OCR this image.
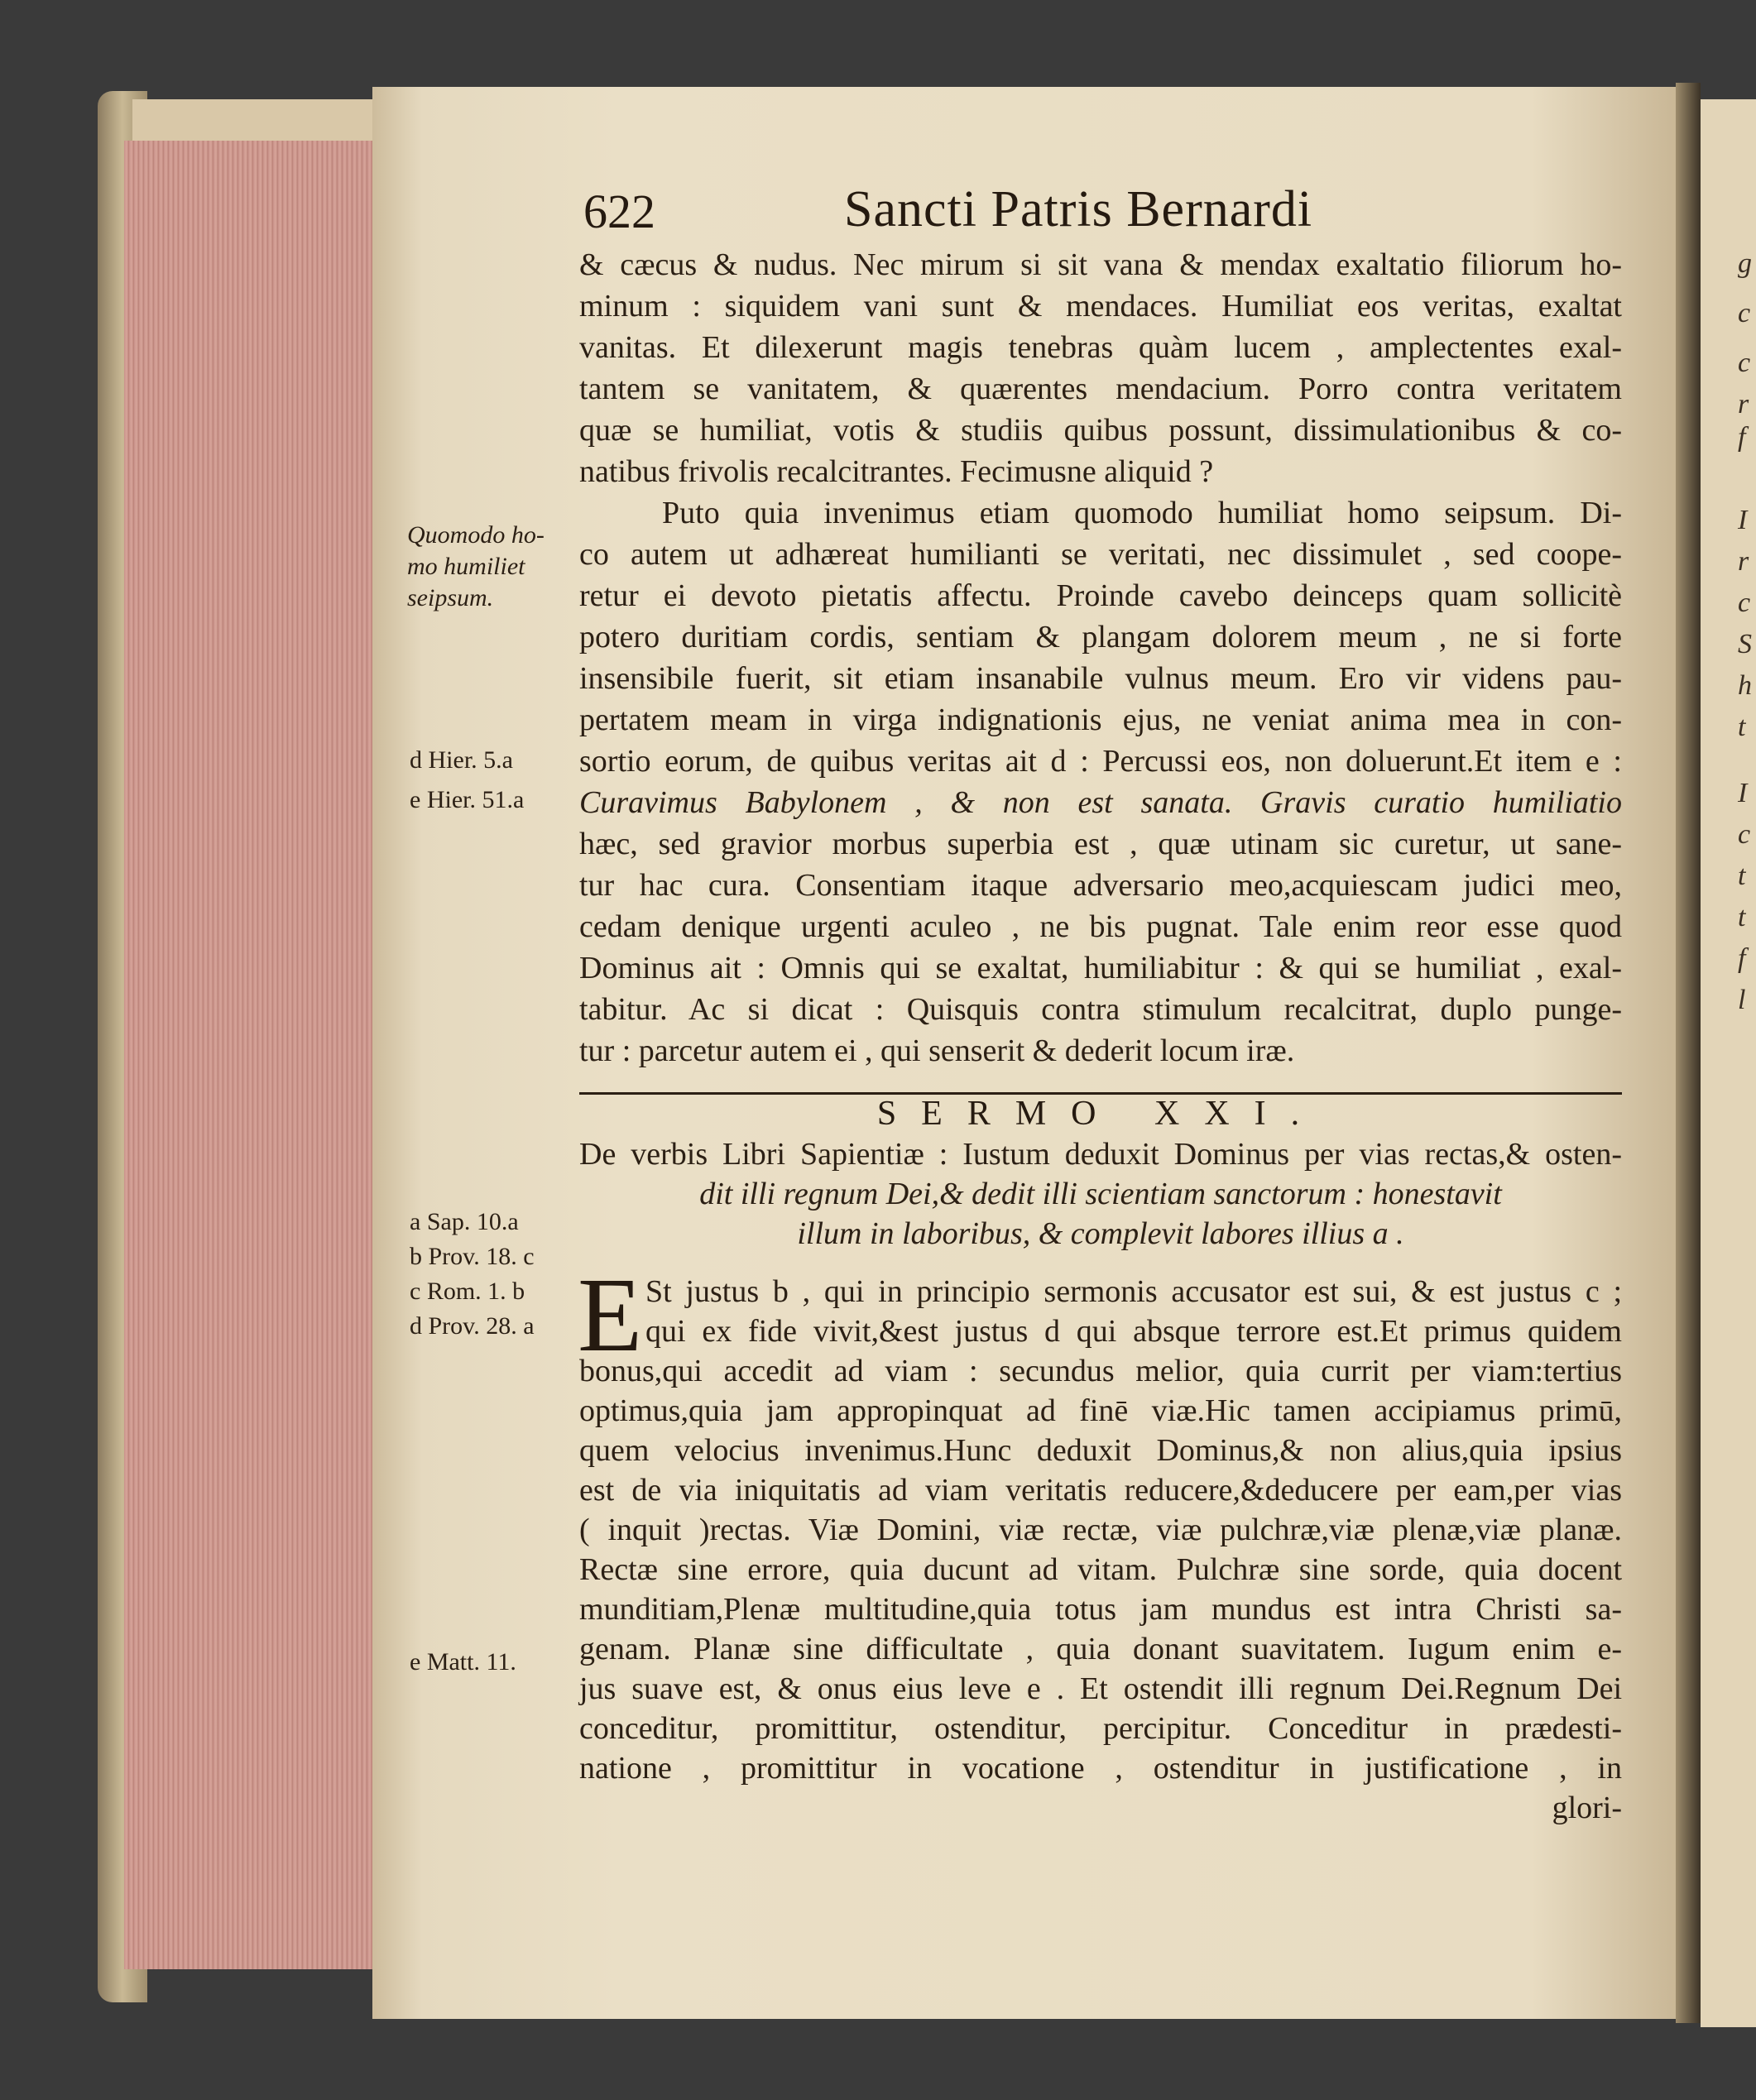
g
c
c
r
f
I
r
c
S
h
t
I
c
t
t
f
l
622	Sancti Patris Bernardi
& cæcus & nudus. Nec mirum si sit vana & mendax exaltatio filiorum ho-
minum : siquidem vani sunt & mendaces. Humiliat eos veritas, exaltat
vanitas. Et dilexerunt magis tenebras quàm lucem , amplectentes exal-
tantem se vanitatem, & quærentes mendacium. Porro contra veritatem
quæ se humiliat, votis & studiis quibus possunt, dissimulationibus & co-
natibus frivolis recalcitrantes. Fecimusne aliquid ?
Puto quia invenimus etiam quomodo humiliat homo seipsum. Di-
co autem ut adhæreat humilianti se veritati, nec dissimulet , sed coope-
retur ei devoto pietatis affectu. Proinde cavebo deinceps quam sollicitè
potero duritiam cordis, sentiam & plangam dolorem meum , ne si forte
insensibile fuerit, sit etiam insanabile vulnus meum. Ero vir videns pau-
pertatem meam in virga indignationis ejus, ne veniat anima mea in con-
sortio eorum, de quibus veritas ait d : Percussi eos, non doluerunt.Et item e :
Curavimus Babylonem , & non est sanata. Gravis curatio humiliatio
hæc, sed gravior morbus superbia est , quæ utinam sic curetur, ut sane-
tur hac cura. Consentiam itaque adversario meo,acquiescam judici meo,
cedam denique urgenti aculeo , ne bis pugnat. Tale enim reor esse quod
Dominus ait : Omnis qui se exaltat, humiliabitur : & qui se humiliat , exal-
tabitur. Ac si dicat : Quisquis contra stimulum recalcitrat, duplo punge-
tur : parcetur autem ei , qui senserit & dederit locum iræ.
SERMO XXI.
De verbis Libri Sapientiæ : Iustum deduxit Dominus per vias rectas,& osten-
dit illi regnum Dei,& dedit illi scientiam sanctorum : honestavit
illum in laboribus, & complevit labores illius a .
E St justus b , qui in principio sermonis accusator est sui, & est justus c ;
qui ex fide vivit,&est justus d qui absque terrore est.Et primus quidem
bonus,qui accedit ad viam : secundus melior, quia currit per viam:tertius
optimus,quia jam appropinquat ad finē viæ.Hic tamen accipiamus primū,
quem velocius invenimus.Hunc deduxit Dominus,& non alius,quia ipsius
est de via iniquitatis ad viam veritatis reducere,&deducere per eam,per vias
( inquit )rectas. Viæ Domini, viæ rectæ, viæ pulchræ,viæ plenæ,viæ planæ.
Rectæ sine errore, quia ducunt ad vitam. Pulchræ sine sorde, quia docent
munditiam,Plenæ multitudine,quia totus jam mundus est intra Christi sa-
genam. Planæ sine difficultate , quia donant suavitatem. Iugum enim e-
jus suave est, & onus eius leve e . Et ostendit illi regnum Dei.Regnum Dei
conceditur, promittitur, ostenditur, percipitur. Conceditur in prædesti-
natione , promittitur in vocatione , ostenditur in justificatione , in
glori-
Quomodo ho-
mo humiliet
seipsum.
d Hier. 5.a
e Hier. 51.a
a Sap. 10.a
b Prov. 18. c
c Rom. 1. b
d Prov. 28. a
e Matt. 11.
